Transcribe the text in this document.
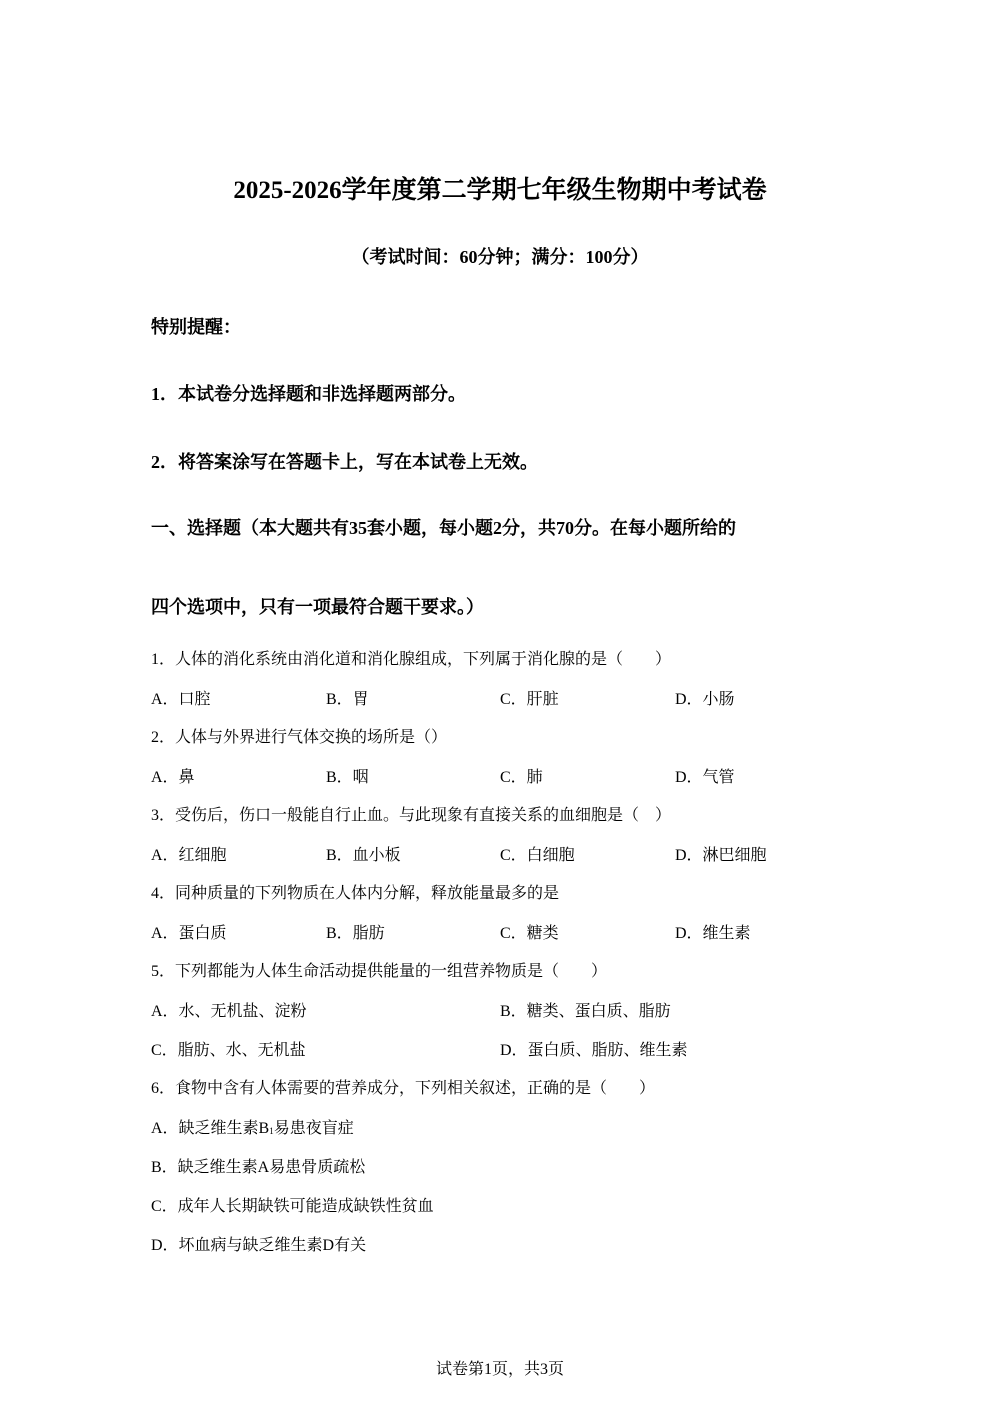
2025-2026学年度第二学期七年级生物期中考试卷
（考试时间：60分钟；满分：100分）
特别提醒：
1．本试卷分选择题和非选择题两部分。
2．将答案涂写在答题卡上，写在本试卷上无效。
一、选择题（本大题共有35套小题，每小题2分，共70分。在每小题所给的
四个选项中，只有一项最符合题干要求。）
1．人体的消化系统由消化道和消化腺组成，下列属于消化腺的是（　　）
A．口腔	B．胃	C．肝脏	D．小肠
2．人体与外界进行气体交换的场所是（）
A．鼻	B．咽	C．肺	D．气管
3．受伤后，伤口一般能自行止血。与此现象有直接关系的血细胞是（　）
A．红细胞	B．血小板	C．白细胞	D．淋巴细胞
4．同种质量的下列物质在人体内分解，释放能量最多的是
A．蛋白质	B．脂肪	C．糖类	D．维生素
5．下列都能为人体生命活动提供能量的一组营养物质是（　　）
A．水、无机盐、淀粉	B．糖类、蛋白质、脂肪
C．脂肪、水、无机盐	D．蛋白质、脂肪、维生素
6．食物中含有人体需要的营养成分，下列相关叙述，正确的是（　　）
A．缺乏维生素$B_1$易患夜盲症
B．缺乏维生素A易患骨质疏松
C．成年人长期缺铁可能造成缺铁性贫血
D．坏血病与缺乏维生素D有关
试卷第1页，共3页
